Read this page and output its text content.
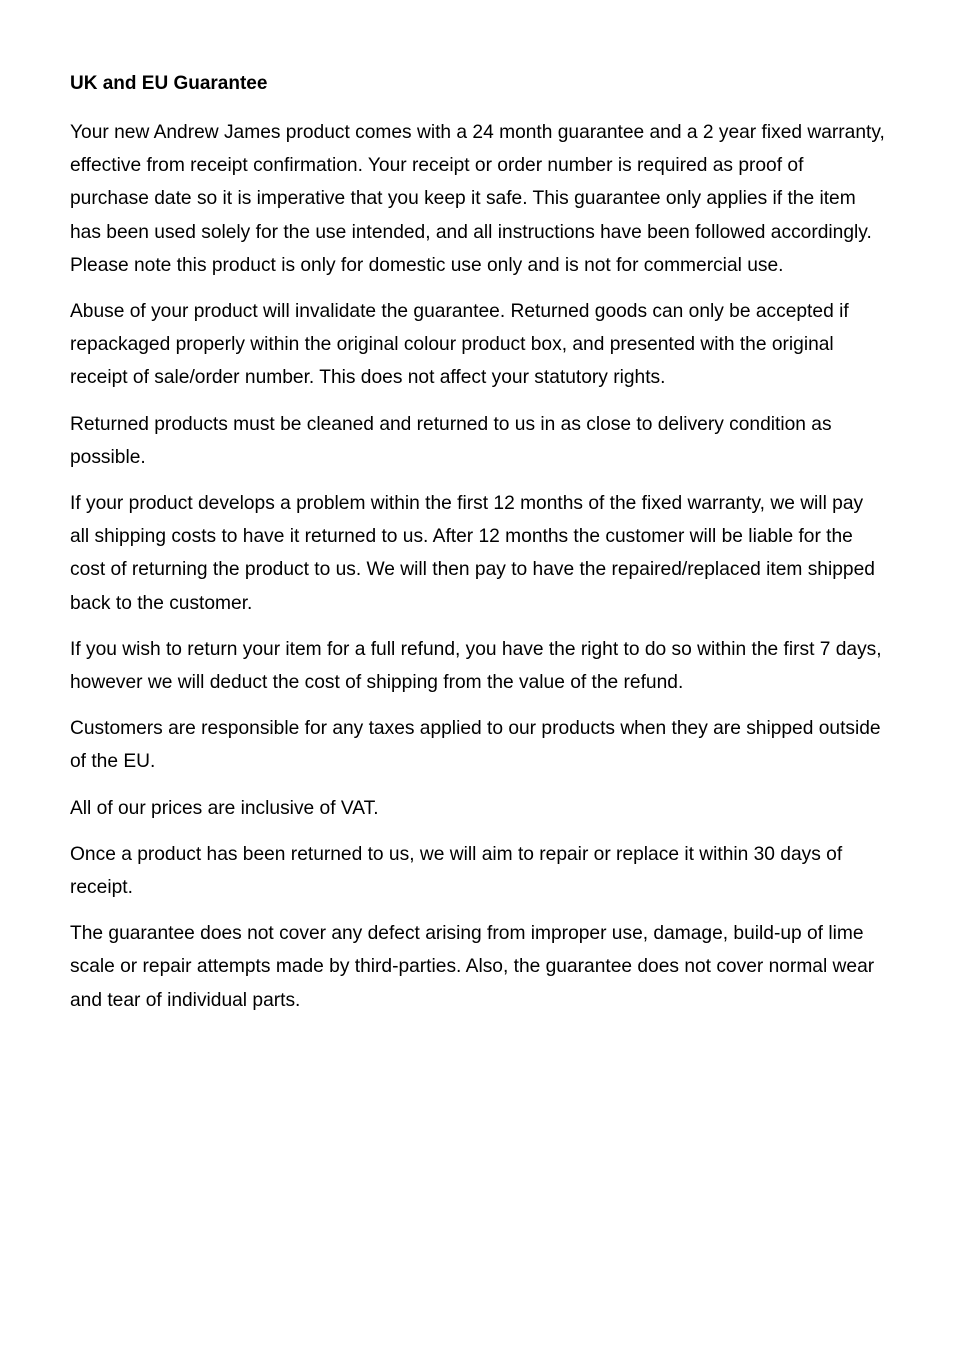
UK and EU Guarantee

Your new Andrew James product comes with a 24 month guarantee and a 2 year fixed warranty, effective from receipt confirmation. Your receipt or order number is required as proof of purchase date so it is imperative that you keep it safe. This guarantee only applies if the item has been used solely for the use intended, and all instructions have been followed accordingly. Please note this product is only for domestic use only and is not for commercial use.

Abuse of your product will invalidate the guarantee. Returned goods can only be accepted if repackaged properly within the original colour product box, and presented with the original receipt of sale/order number. This does not affect your statutory rights.

Returned products must be cleaned and returned to us in as close to delivery condition as possible.

If your product develops a problem within the first 12 months of the fixed warranty, we will pay all shipping costs to have it returned to us. After 12 months the customer will be liable for the cost of returning the product to us. We will then pay to have the repaired/replaced item shipped back to the customer.

If you wish to return your item for a full refund, you have the right to do so within the first 7 days, however we will deduct the cost of shipping from the value of the refund.

Customers are responsible for any taxes applied to our products when they are shipped outside of the EU.

All of our prices are inclusive of VAT.

Once a product has been returned to us, we will aim to repair or replace it within 30 days of receipt.

The guarantee does not cover any defect arising from improper use, damage, build-up of lime scale or repair attempts made by third-parties. Also, the guarantee does not cover normal wear and tear of individual parts.
